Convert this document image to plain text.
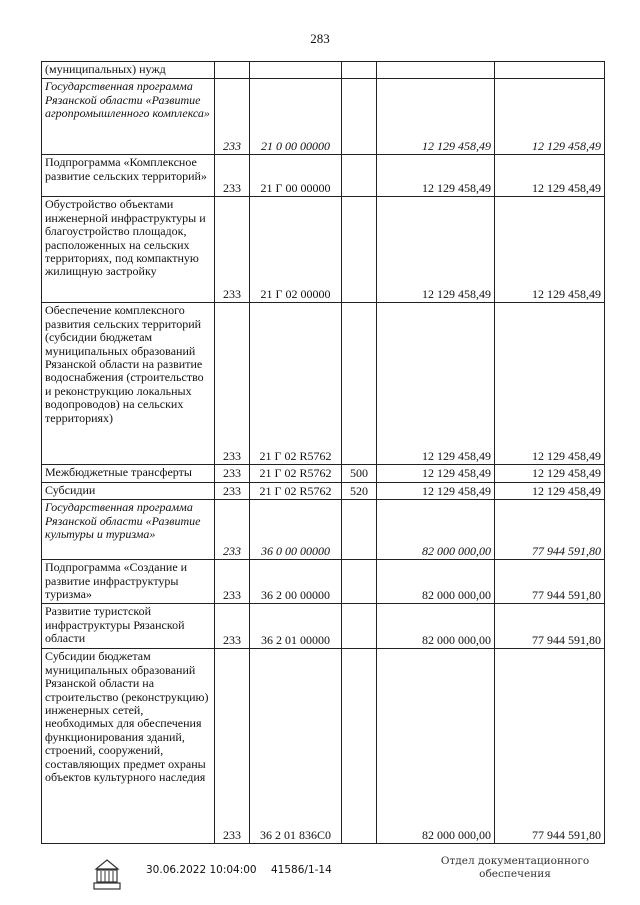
283
(муниципальных) нужд					
Государственная программа Рязанской области «Развитие агропромышленного комплекса»	233	21 0 00 00000		12 129 458,49	12 129 458,49
Подпрограмма «Комплексное развитие сельских территорий»	233	21 Г 00 00000		12 129 458,49	12 129 458,49
Обустройство объектами инженерной инфраструктуры и благоустройство площадок, расположенных на сельских территориях, под компактную жилищную застройку	233	21 Г 02 00000		12 129 458,49	12 129 458,49
Обеспечение комплексного развития сельских территорий (субсидии бюджетам муниципальных образований Рязанской области на развитие водоснабжения (строительство и реконструкцию локальных водопроводов) на сельских территориях)	233	21 Г 02 R5762		12 129 458,49	12 129 458,49
Межбюджетные трансферты	233	21 Г 02 R5762	500	12 129 458,49	12 129 458,49
Субсидии	233	21 Г 02 R5762	520	12 129 458,49	12 129 458,49
Государственная программа Рязанской области «Развитие культуры и туризма»	233	36 0 00 00000		82 000 000,00	77 944 591,80
Подпрограмма «Создание и развитие инфраструктуры туризма»	233	36 2 00 00000		82 000 000,00	77 944 591,80
Развитие туристской инфраструктуры Рязанской области	233	36 2 01 00000		82 000 000,00	77 944 591,80
Субсидии бюджетам муниципальных образований Рязанской области на строительство (реконструкцию) инженерных сетей, необходимых для обеспечения функционирования зданий, строений, сооружений, составляющих предмет охраны объектов культурного наследия	233	36 2 01 836С0		82 000 000,00	77 944 591,80
30.06.2022 10:04:00 41586/1-14
Отдел документационного обеспечения
